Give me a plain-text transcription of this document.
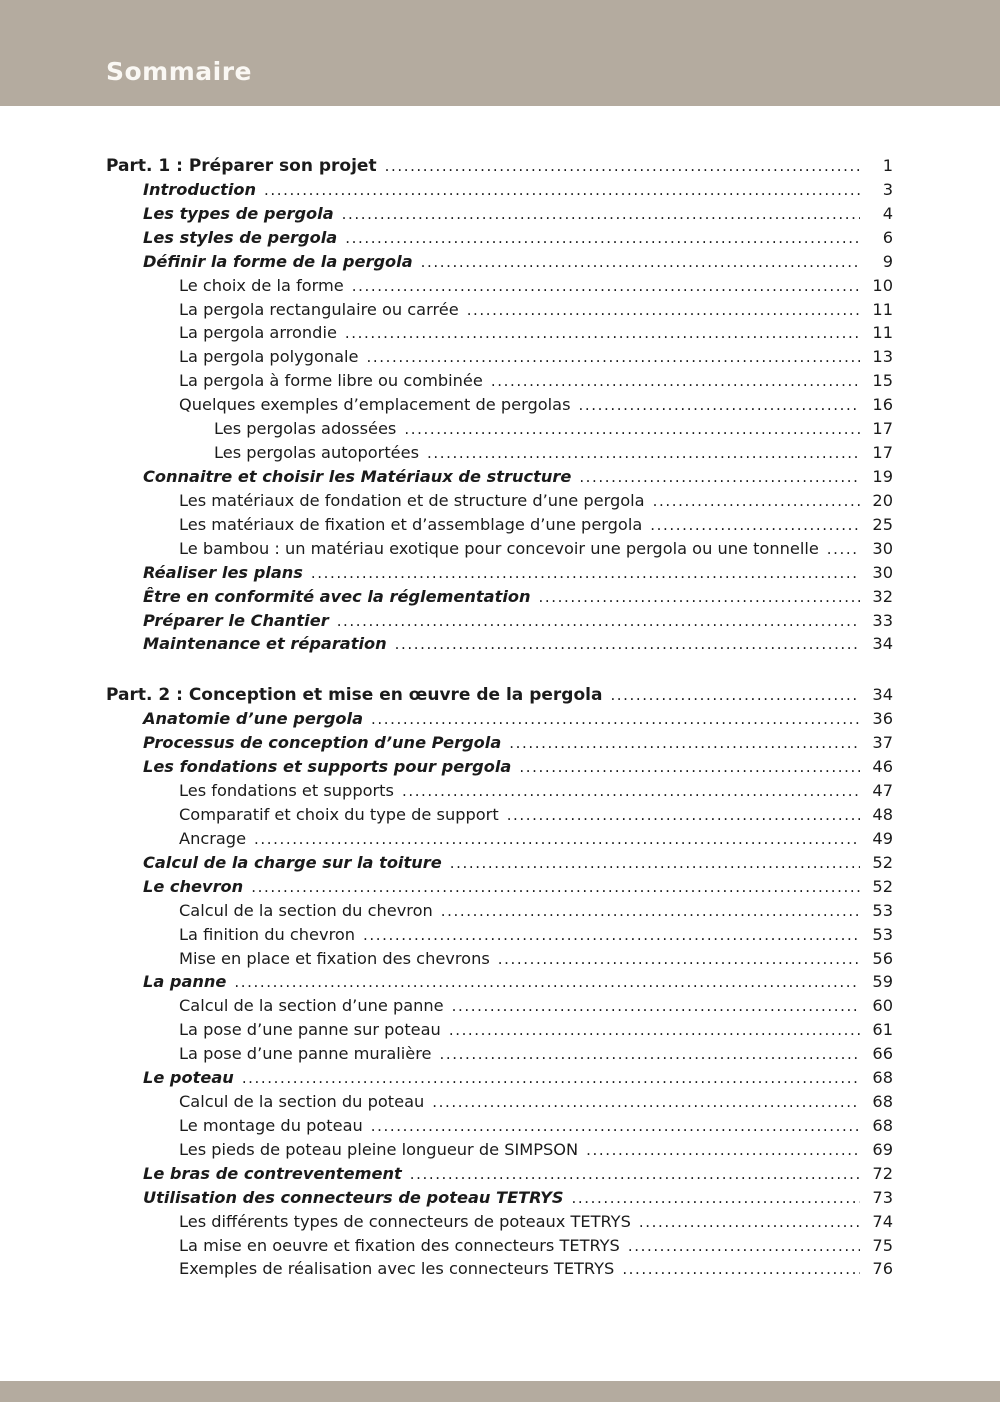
Sommaire
Part. 1 : Préparer son projet .....	1
Introduction .....	3
Les types de pergola .....	4
Les styles de pergola .....	6
Définir la forme de la pergola .....	9
Le choix de la forme .....	10
La pergola rectangulaire ou carrée .....	11
La pergola arrondie .....	11
La pergola polygonale .....	13
La pergola à forme libre ou combinée .....	15
Quelques exemples d’emplacement de pergolas .....	16
Les pergolas adossées .....	17
Les pergolas autoportées .....	17
Connaitre et choisir les Matériaux de structure .....	19
Les matériaux de fondation et de structure d’une pergola .....	20
Les matériaux de fixation et d’assemblage d’une pergola .....	25
Le bambou : un matériau exotique pour concevoir une pergola ou une tonnelle .....	30
Réaliser les plans .....	30
Être en conformité avec la réglementation .....	32
Préparer le Chantier .....	33
Maintenance et réparation .....	34
Part. 2 : Conception et mise en œuvre de la pergola .....	34
Anatomie d’une pergola .....	36
Processus de conception d’une Pergola .....	37
Les fondations et supports pour pergola .....	46
Les fondations et supports .....	47
Comparatif et choix du type de support .....	48
Ancrage .....	49
Calcul de la charge sur la toiture .....	52
Le chevron .....	52
Calcul de la section du chevron .....	53
La finition du chevron .....	53
Mise en place et fixation des chevrons .....	56
La panne .....	59
Calcul de la section d’une panne .....	60
La pose d’une panne sur poteau .....	61
La pose d’une panne muralière .....	66
Le poteau .....	68
Calcul de la section du poteau .....	68
Le montage du poteau .....	68
Les pieds de poteau pleine longueur de SIMPSON .....	69
Le bras de contreventement .....	72
Utilisation des connecteurs de poteau TETRYS .....	73
Les différents types de connecteurs de poteaux TETRYS .....	74
La mise en oeuvre et fixation des connecteurs TETRYS .....	75
Exemples de réalisation avec les connecteurs TETRYS .....	76
